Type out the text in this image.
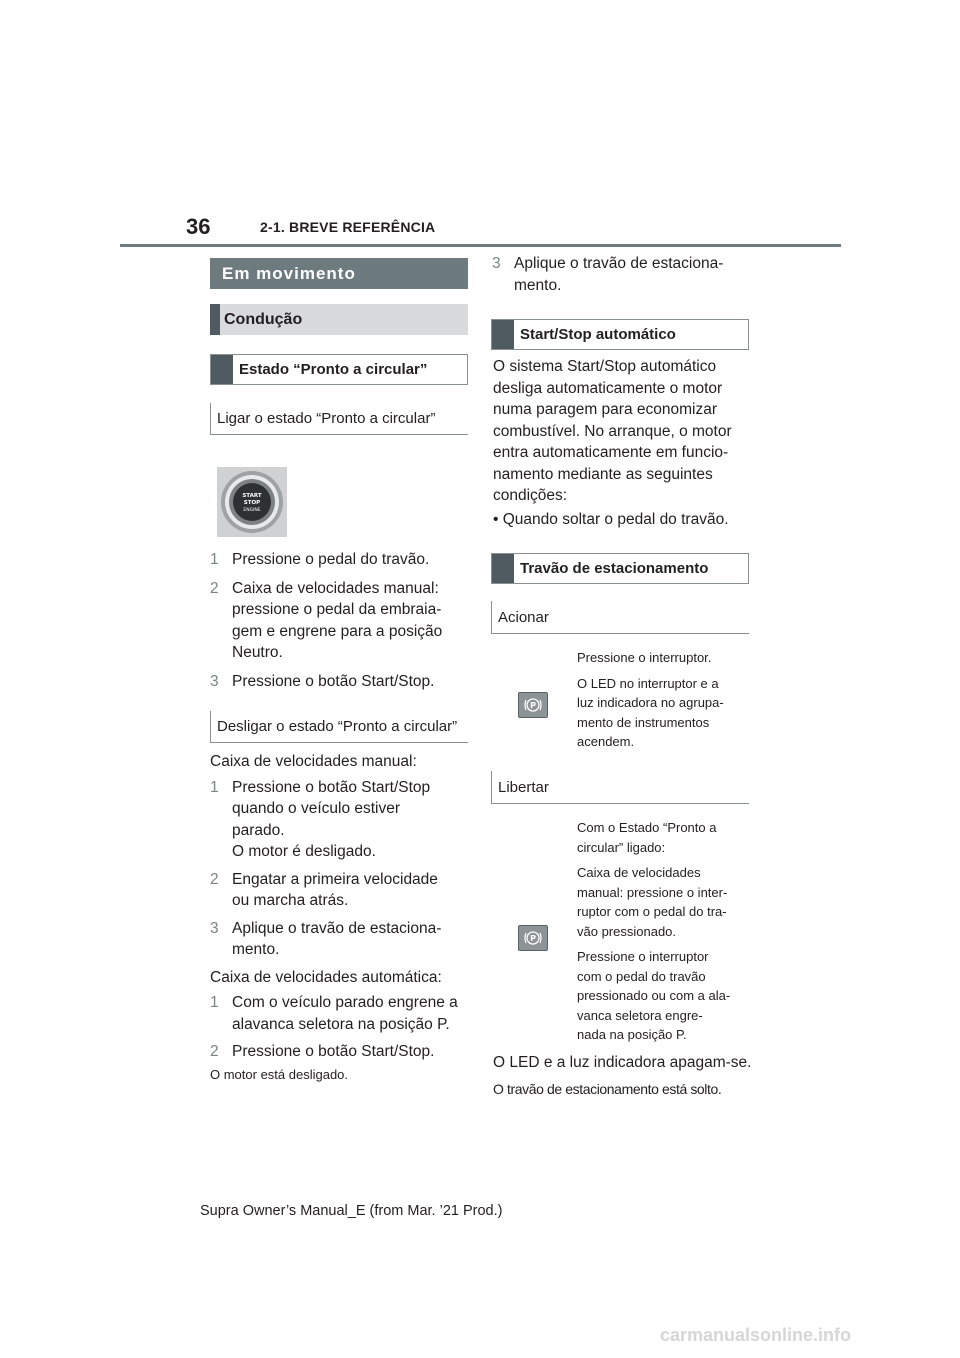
36	2-1. BREVE REFERÊNCIA
Em movimento
Condução
Estado “Pronto a circular”
Ligar o estado “Pronto a circular”
START
STOP
ENGINE
1 Pressione o pedal do travão.
2 Caixa de velocidades manual:
pressione o pedal da embraia-
gem e engrene para a posição
Neutro.
3 Pressione o botão Start/Stop.
Desligar o estado “Pronto a circular”
Caixa de velocidades manual:
1 Pressione o botão Start/Stop
quando o veículo estiver
parado.
O motor é desligado.
2 Engatar a primeira velocidade
ou marcha atrás.
3 Aplique o travão de estaciona-
mento.
Caixa de velocidades automática:
1 Com o veículo parado engrene a
alavanca seletora na posição P.
2 Pressione o botão Start/Stop.
O motor está desligado.
3 Aplique o travão de estaciona-
mento.
Start/Stop automático
O sistema Start/Stop automático
desliga automaticamente o motor
numa paragem para economizar
combustível. No arranque, o motor
entra automaticamente em funcio-
namento mediante as seguintes
condições:
• Quando soltar o pedal do travão.
Travão de estacionamento
Acionar
P
Pressione o interruptor.
O LED no interruptor e a
luz indicadora no agrupa-
mento de instrumentos
acendem.
Libertar
P
Com o Estado “Pronto a
circular” ligado:
Caixa de velocidades
manual: pressione o inter-
ruptor com o pedal do tra-
vão pressionado.
Pressione o interruptor
com o pedal do travão
pressionado ou com a ala-
vanca seletora engre-
nada na posição P.
O LED e a luz indicadora apagam-se.
O travão de estacionamento está solto.
Supra Owner’s Manual_E (from Mar. ’21 Prod.)
carmanualsonline.info
